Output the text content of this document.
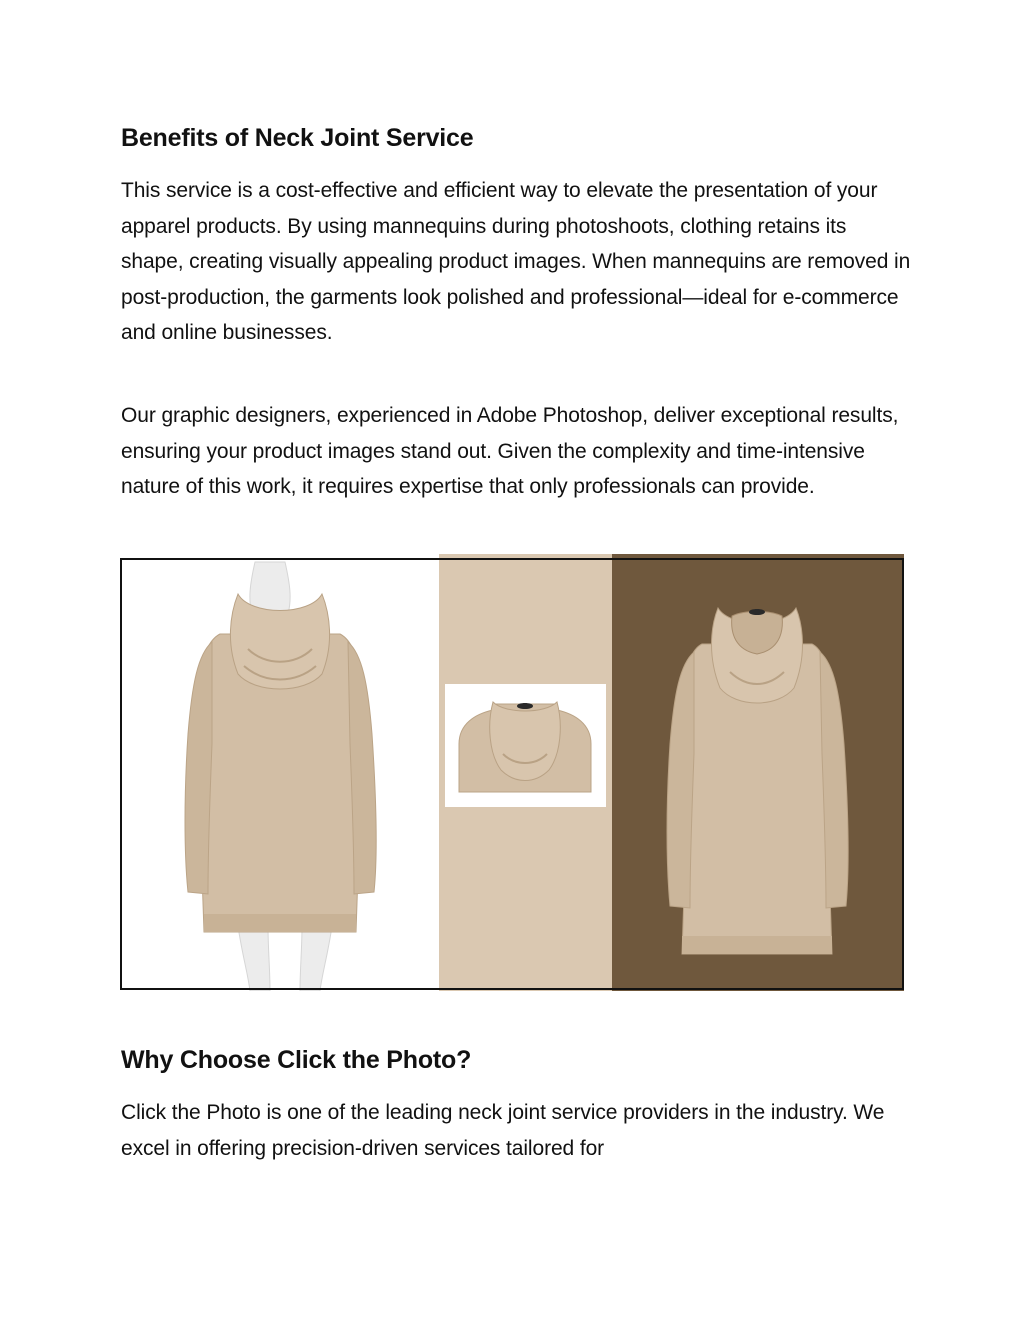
Benefits of Neck Joint Service

This service is a cost-effective and efficient way to elevate the presentation of your apparel products. By using mannequins during photoshoots, clothing retains its shape, creating visually appealing product images. When mannequins are removed in post-production, the garments look polished and professional—ideal for e-commerce and online businesses.

Our graphic designers, experienced in Adobe Photoshop, deliver exceptional results, ensuring your product images stand out. Given the complexity and time-intensive nature of this work, it requires expertise that only professionals can provide.

Why Choose Click the Photo?

Click the Photo is one of the leading neck joint service providers in the industry. We excel in offering precision-driven services tailored for
